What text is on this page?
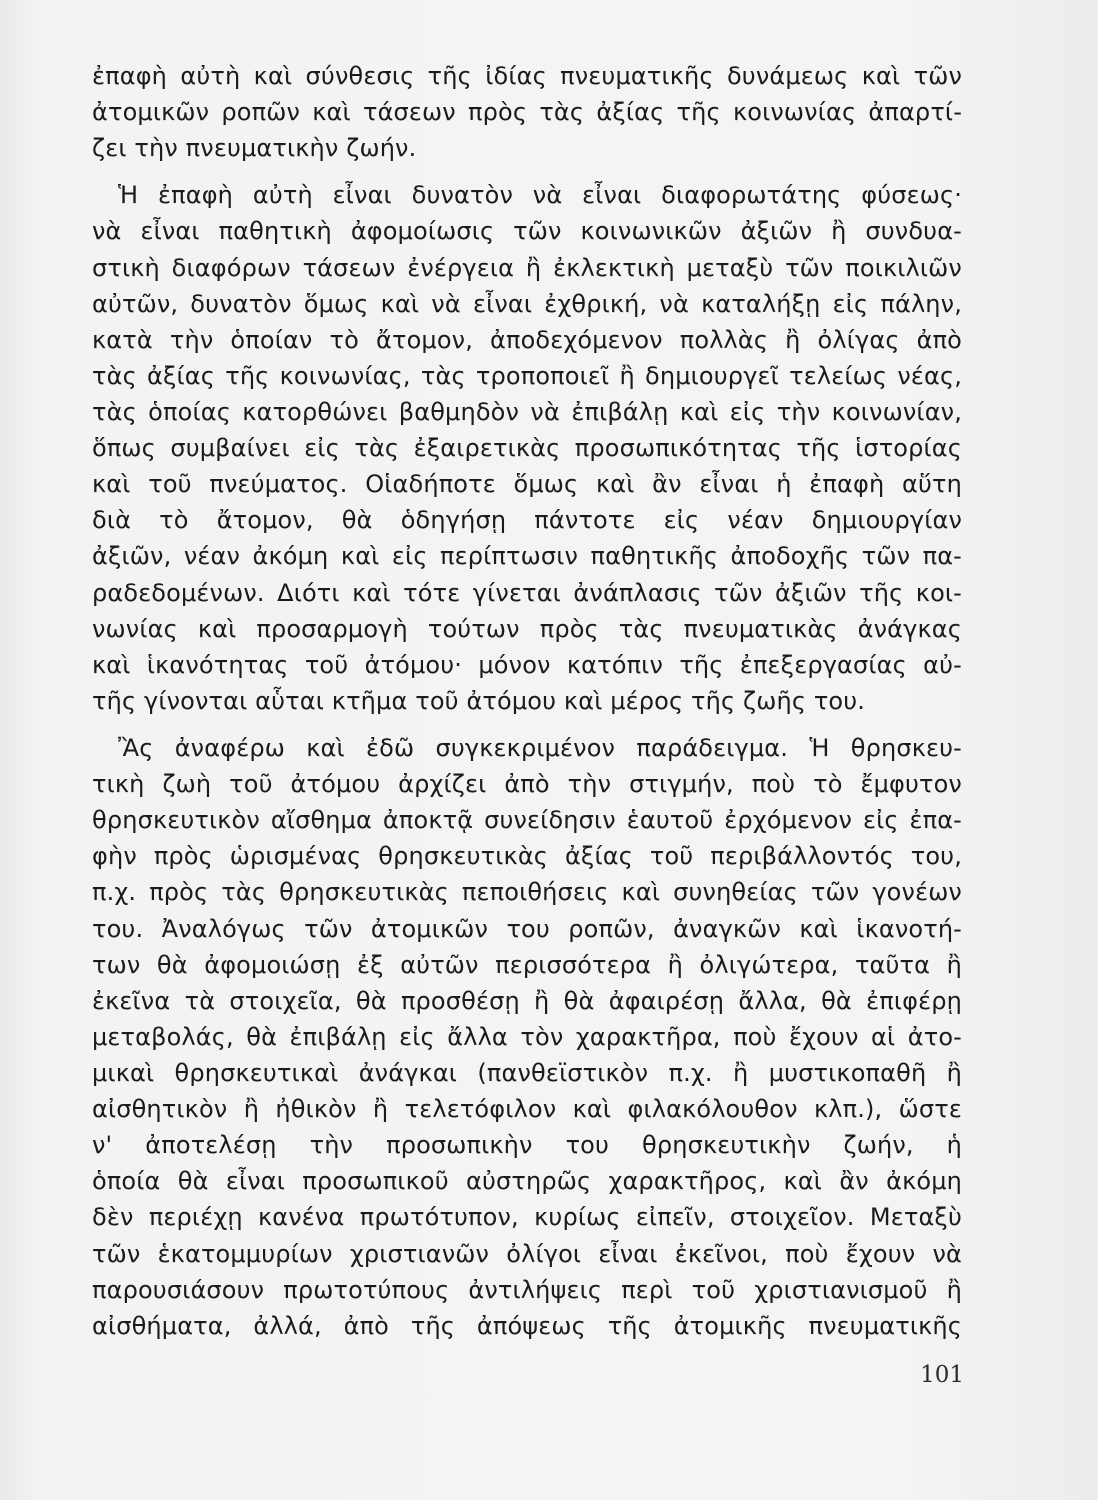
ἐπαφὴ αὐτὴ καὶ σύνθεσις τῆς ἰδίας πνευματικῆς δυνάμεως καὶ τῶν
ἀτομικῶν ροπῶν καὶ τάσεων πρὸς τὰς ἀξίας τῆς κοινωνίας ἀπαρτί-
ζει τὴν πνευματικὴν ζωήν.
Ἡ ἐπαφὴ αὐτὴ εἶναι δυνατὸν νὰ εἶναι διαφορωτάτης φύσεως·
νὰ εἶναι παθητικὴ ἀφομοίωσις τῶν κοινωνικῶν ἀξιῶν ἢ συνδυα-
στικὴ διαφόρων τάσεων ἐνέργεια ἢ ἐκλεκτικὴ μεταξὺ τῶν ποικιλιῶν
αὐτῶν, δυνατὸν ὅμως καὶ νὰ εἶναι ἐχθρική, νὰ καταλήξῃ εἰς πάλην,
κατὰ τὴν ὁποίαν τὸ ἄτομον, ἀποδεχόμενον πολλὰς ἢ ὀλίγας ἀπὸ
τὰς ἀξίας τῆς κοινωνίας, τὰς τροποποιεῖ ἢ δημιουργεῖ τελείως νέας,
τὰς ὁποίας κατορθώνει βαθμηδὸν νὰ ἐπιβάλῃ καὶ εἰς τὴν κοινωνίαν,
ὅπως συμβαίνει εἰς τὰς ἐξαιρετικὰς προσωπικότητας τῆς ἱστορίας
καὶ τοῦ πνεύματος. Οἱαδήποτε ὅμως καὶ ἂν εἶναι ἡ ἐπαφὴ αὕτη
διὰ τὸ ἄτομον, θὰ ὁδηγήσῃ πάντοτε εἰς νέαν δημιουργίαν
ἀξιῶν, νέαν ἀκόμη καὶ εἰς περίπτωσιν παθητικῆς ἀποδοχῆς τῶν πα-
ραδεδομένων. Διότι καὶ τότε γίνεται ἀνάπλασις τῶν ἀξιῶν τῆς κοι-
νωνίας καὶ προσαρμογὴ τούτων πρὸς τὰς πνευματικὰς ἀνάγκας
καὶ ἱκανότητας τοῦ ἀτόμου· μόνον κατόπιν τῆς ἐπεξεργασίας αὐ-
τῆς γίνονται αὗται κτῆμα τοῦ ἀτόμου καὶ μέρος τῆς ζωῆς του.
Ἂς ἀναφέρω καὶ ἐδῶ συγκεκριμένον παράδειγμα. Ἡ θρησκευ-
τικὴ ζωὴ τοῦ ἀτόμου ἀρχίζει ἀπὸ τὴν στιγμήν, ποὺ τὸ ἔμφυτον
θρησκευτικὸν αἴσθημα ἀποκτᾷ συνείδησιν ἑαυτοῦ ἐρχόμενον εἰς ἐπα-
φὴν πρὸς ὡρισμένας θρησκευτικὰς ἀξίας τοῦ περιβάλλοντός του,
π.χ. πρὸς τὰς θρησκευτικὰς πεποιθήσεις καὶ συνηθείας τῶν γονέων
του. Ἀναλόγως τῶν ἀτομικῶν του ροπῶν, ἀναγκῶν καὶ ἱκανοτή-
των θὰ ἀφομοιώσῃ ἐξ αὐτῶν περισσότερα ἢ ὀλιγώτερα, ταῦτα ἢ
ἐκεῖνα τὰ στοιχεῖα, θὰ προσθέσῃ ἢ θὰ ἀφαιρέσῃ ἄλλα, θὰ ἐπιφέρῃ
μεταβολάς, θὰ ἐπιβάλῃ εἰς ἄλλα τὸν χαρακτῆρα, ποὺ ἔχουν αἱ ἀτο-
μικαὶ θρησκευτικαὶ ἀνάγκαι (πανθεϊστικὸν π.χ. ἢ μυστικοπαθῆ ἢ
αἰσθητικὸν ἢ ἠθικὸν ἢ τελετόφιλον καὶ φιλακόλουθον κλπ.), ὥστε
ν' ἀποτελέσῃ τὴν προσωπικὴν του θρησκευτικὴν ζωήν, ἡ
ὁποία θὰ εἶναι προσωπικοῦ αὐστηρῶς χαρακτῆρος, καὶ ἂν ἀκόμη
δὲν περιέχῃ κανένα πρωτότυπον, κυρίως εἰπεῖν, στοιχεῖον. Μεταξὺ
τῶν ἑκατομμυρίων χριστιανῶν ὀλίγοι εἶναι ἐκεῖνοι, ποὺ ἔχουν νὰ
παρουσιάσουν πρωτοτύπους ἀντιλήψεις περὶ τοῦ χριστιανισμοῦ ἢ
αἰσθήματα, ἀλλά, ἀπὸ τῆς ἀπόψεως τῆς ἀτομικῆς πνευματικῆς
101
